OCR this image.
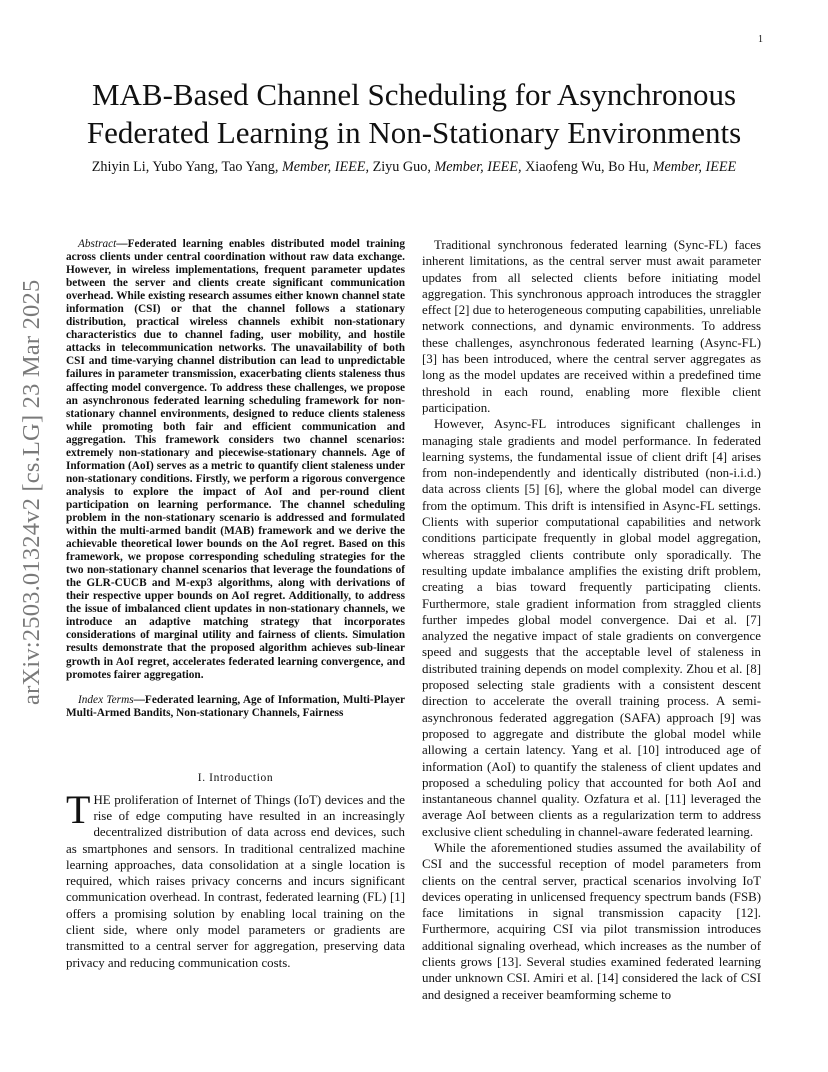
1
arXiv:2503.01324v2 [cs.LG] 23 Mar 2025
MAB-Based Channel Scheduling for Asynchronous
Federated Learning in Non-Stationary Environments
Zhiyin Li, Yubo Yang, Tao Yang, Member, IEEE, Ziyu Guo, Member, IEEE, Xiaofeng Wu, Bo Hu, Member, IEEE

Abstract—Federated learning enables distributed model training across clients under central coordination without raw data exchange. However, in wireless implementations, frequent parameter updates between the server and clients create significant communication overhead. While existing research assumes either known channel state information (CSI) or that the channel follows a stationary distribution, practical wireless channels exhibit non-stationary characteristics due to channel fading, user mobility, and hostile attacks in telecommunication networks. The unavailability of both CSI and time-varying channel distribution can lead to unpredictable failures in parameter transmission, exacerbating clients staleness thus affecting model convergence. To address these challenges, we propose an asynchronous federated learning scheduling framework for non-stationary channel environments, designed to reduce clients staleness while promoting both fair and efficient communication and aggregation. This framework considers two channel scenarios: extremely non-stationary and piecewise-stationary channels. Age of Information (AoI) serves as a metric to quantify client staleness under non-stationary conditions. Firstly, we perform a rigorous convergence analysis to explore the impact of AoI and per-round client participation on learning performance. The channel scheduling problem in the non-stationary scenario is addressed and formulated within the multi-armed bandit (MAB) framework and we derive the achievable theoretical lower bounds on the AoI regret. Based on this framework, we propose corresponding scheduling strategies for the two non-stationary channel scenarios that leverage the foundations of the GLR-CUCB and M-exp3 algorithms, along with derivations of their respective upper bounds on AoI regret. Additionally, to address the issue of imbalanced client updates in non-stationary channels, we introduce an adaptive matching strategy that incorporates considerations of marginal utility and fairness of clients. Simulation results demonstrate that the proposed algorithm achieves sub-linear growth in AoI regret, accelerates federated learning convergence, and promotes fairer aggregation.

Index Terms—Federated learning, Age of Information, Multi-Player Multi-Armed Bandits, Non-stationary Channels, Fairness

I. Introduction

THE proliferation of Internet of Things (IoT) devices and the rise of edge computing have resulted in an increasingly decentralized distribution of data across end devices, such as smartphones and sensors. In traditional centralized machine learning approaches, data consolidation at a single location is required, which raises privacy concerns and incurs significant communication overhead. In contrast, federated learning (FL) [1] offers a promising solution by enabling local training on the client side, where only model parameters or gradients are transmitted to a central server for aggregation, preserving data privacy and reducing communication costs.

Traditional synchronous federated learning (Sync-FL) faces inherent limitations, as the central server must await parameter updates from all selected clients before initiating model aggregation. This synchronous approach introduces the straggler effect [2] due to heterogeneous computing capabilities, unreliable network connections, and dynamic environments. To address these challenges, asynchronous federated learning (Async-FL) [3] has been introduced, where the central server aggregates as long as the model updates are received within a predefined time threshold in each round, enabling more flexible client participation.

However, Async-FL introduces significant challenges in managing stale gradients and model performance. In federated learning systems, the fundamental issue of client drift [4] arises from non-independently and identically distributed (non-i.i.d.) data across clients [5] [6], where the global model can diverge from the optimum. This drift is intensified in Async-FL settings. Clients with superior computational capabilities and network conditions participate frequently in global model aggregation, whereas straggled clients contribute only sporadically. The resulting update imbalance amplifies the existing drift problem, creating a bias toward frequently participating clients. Furthermore, stale gradient information from straggled clients further impedes global model convergence. Dai et al. [7] analyzed the negative impact of stale gradients on convergence speed and suggests that the acceptable level of staleness in distributed training depends on model complexity. Zhou et al. [8] proposed selecting stale gradients with a consistent descent direction to accelerate the overall training process. A semi-asynchronous federated aggregation (SAFA) approach [9] was proposed to aggregate and distribute the global model while allowing a certain latency. Yang et al. [10] introduced age of information (AoI) to quantify the staleness of client updates and proposed a scheduling policy that accounted for both AoI and instantaneous channel quality. Ozfatura et al. [11] leveraged the average AoI between clients as a regularization term to address exclusive client scheduling in channel-aware federated learning.

While the aforementioned studies assumed the availability of CSI and the successful reception of model parameters from clients on the central server, practical scenarios involving IoT devices operating in unlicensed frequency spectrum bands (FSB) face limitations in signal transmission capacity [12]. Furthermore, acquiring CSI via pilot transmission introduces additional signaling overhead, which increases as the number of clients grows [13]. Several studies examined federated learning under unknown CSI. Amiri et al. [14] considered the lack of CSI and designed a receiver beamforming scheme to
